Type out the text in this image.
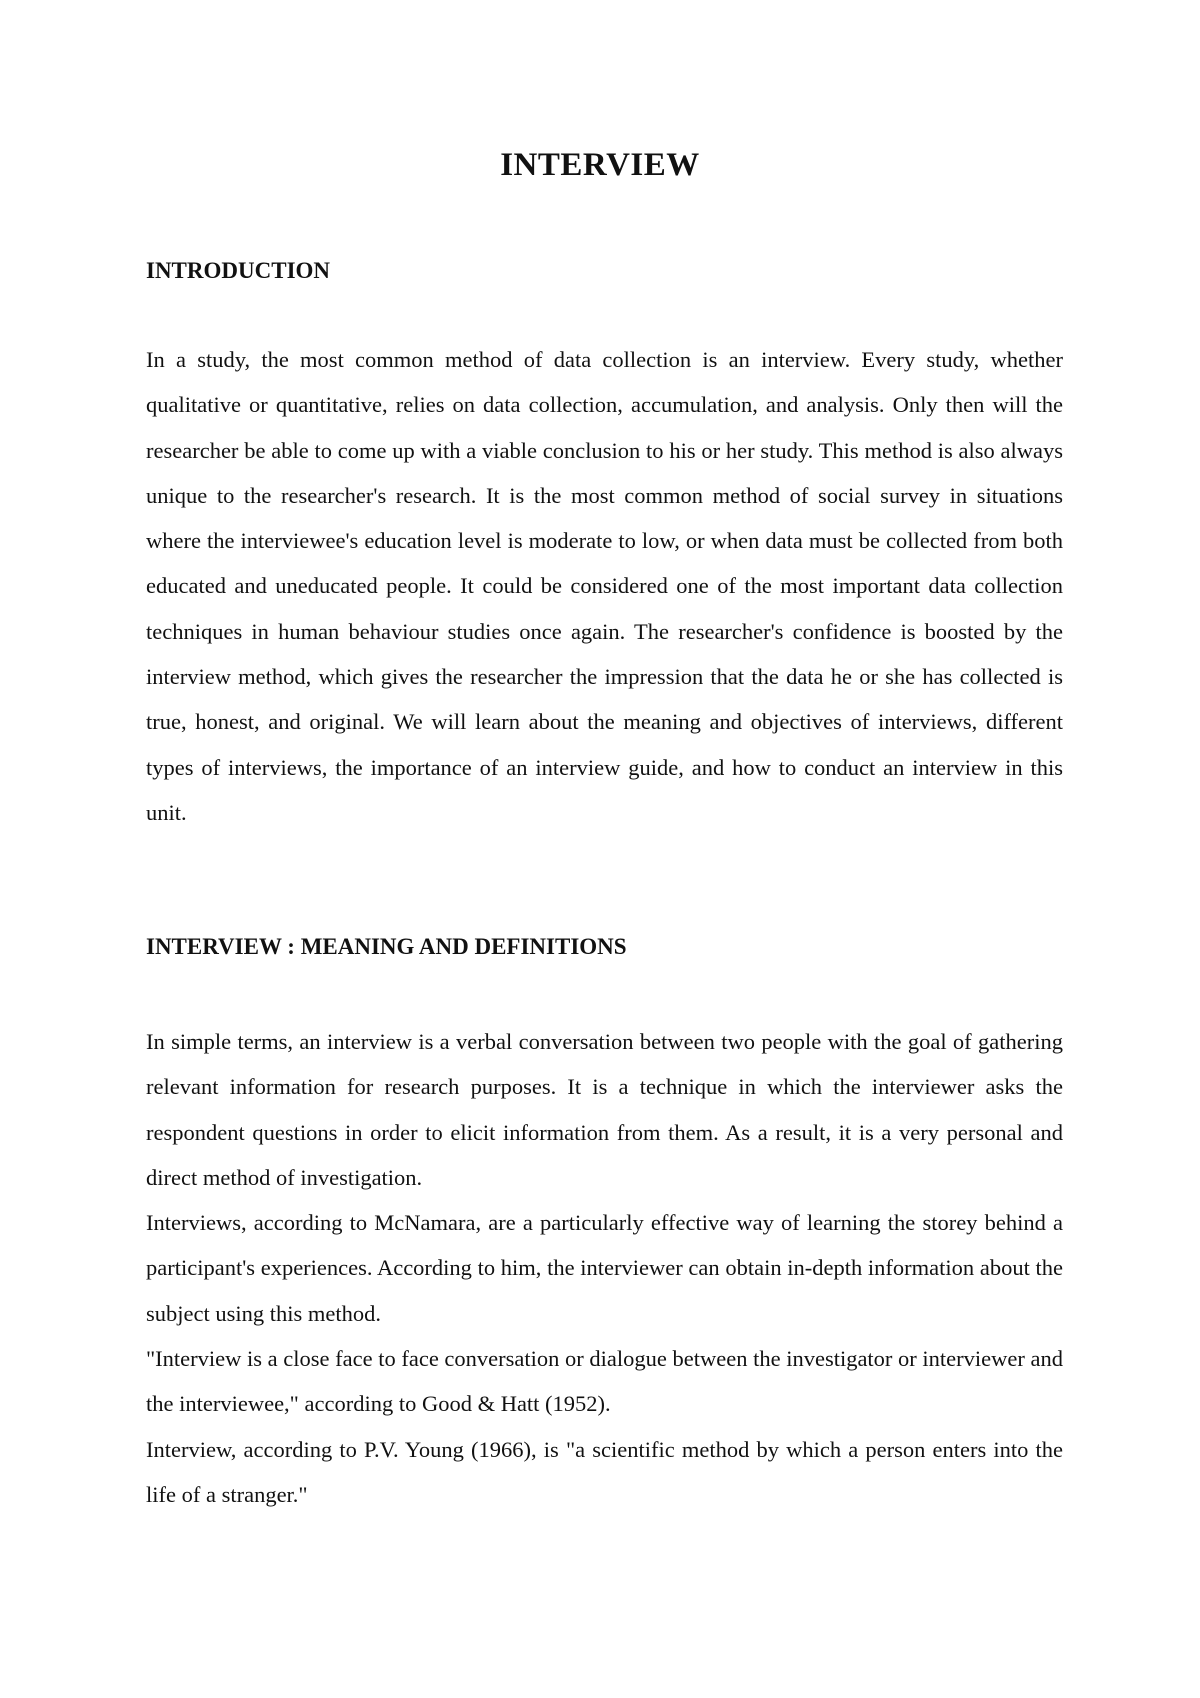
INTERVIEW
INTRODUCTION

In a study, the most common method of data collection is an interview. Every study, whether qualitative or quantitative, relies on data collection, accumulation, and analysis. Only then will the researcher be able to come up with a viable conclusion to his or her study. This method is also always unique to the researcher's research. It is the most common method of social survey in situations where the interviewee's education level is moderate to low, or when data must be collected from both educated and uneducated people. It could be considered one of the most important data collection techniques in human behaviour studies once again. The researcher's confidence is boosted by the interview method, which gives the researcher the impression that the data he or she has collected is true, honest, and original. We will learn about the meaning and objectives of interviews, different types of interviews, the importance of an interview guide, and how to conduct an interview in this unit.

INTERVIEW : MEANING AND DEFINITIONS

In simple terms, an interview is a verbal conversation between two people with the goal of gathering relevant information for research purposes. It is a technique in which the interviewer asks the respondent questions in order to elicit information from them. As a result, it is a very personal and direct method of investigation.

Interviews, according to McNamara, are a particularly effective way of learning the storey behind a participant's experiences. According to him, the interviewer can obtain in-depth information about the subject using this method.

"Interview is a close face to face conversation or dialogue between the investigator or interviewer and the interviewee," according to Good & Hatt (1952).

Interview, according to P.V. Young (1966), is "a scientific method by which a person enters into the life of a stranger."
